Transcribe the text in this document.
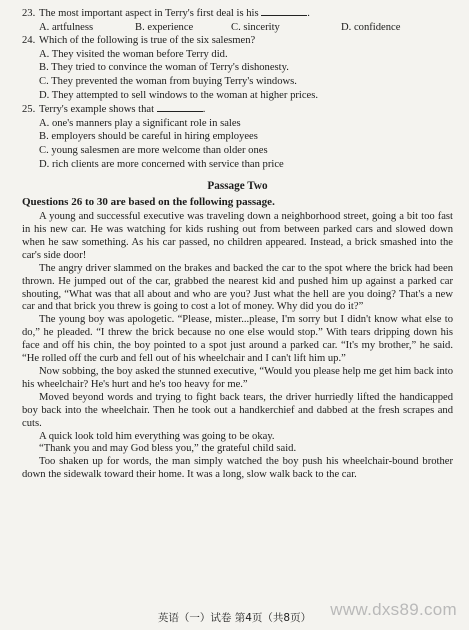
23. The most important aspect in Terry's first deal is his	.
A. artfulness	B. experience	C. sincerity	D. confidence
24. Which of the following is true of the six salesmen?
A. They visited the woman before Terry did.
B. They tried to convince the woman of Terry's dishonesty.
C. They prevented the woman from buying Terry's windows.
D. They attempted to sell windows to the woman at higher prices.
25. Terry's example shows that	.
A. one's manners play a significant role in sales
B. employers should be careful in hiring employees
C. young salesmen are more welcome than older ones
D. rich clients are more concerned with service than price
Passage Two
Questions 26 to 30 are based on the following passage.

A young and successful executive was traveling down a neighborhood street, going a bit too fast in his new car. He was watching for kids rushing out from between parked cars and slowed down when he saw something. As his car passed, no children appeared. Instead, a brick smashed into the car's side door!

The angry driver slammed on the brakes and backed the car to the spot where the brick had been thrown. He jumped out of the car, grabbed the nearest kid and pushed him up against a parked car shouting, “What was that all about and who are you? Just what the hell are you doing? That's a new car and that brick you threw is going to cost a lot of money. Why did you do it?”

The young boy was apologetic. “Please, mister...please, I'm sorry but I didn't know what else to do,” he pleaded. “I threw the brick because no one else would stop.” With tears dripping down his face and off his chin, the boy pointed to a spot just around a parked car. “It's my brother,” he said. “He rolled off the curb and fell out of his wheelchair and I can't lift him up.”

Now sobbing, the boy asked the stunned executive, “Would you please help me get him back into his wheelchair? He's hurt and he's too heavy for me.”

Moved beyond words and trying to fight back tears, the driver hurriedly lifted the handicapped boy back into the wheelchair. Then he took out a handkerchief and dabbed at the fresh scrapes and cuts.

A quick look told him everything was going to be okay.

“Thank you and may God bless you,” the grateful child said.

Too shaken up for words, the man simply watched the boy push his wheelchair-bound brother down the sidewalk toward their home. It was a long, slow walk back to the car.

英语（一）试卷 第4页（共8页）	www.dxs89.com
